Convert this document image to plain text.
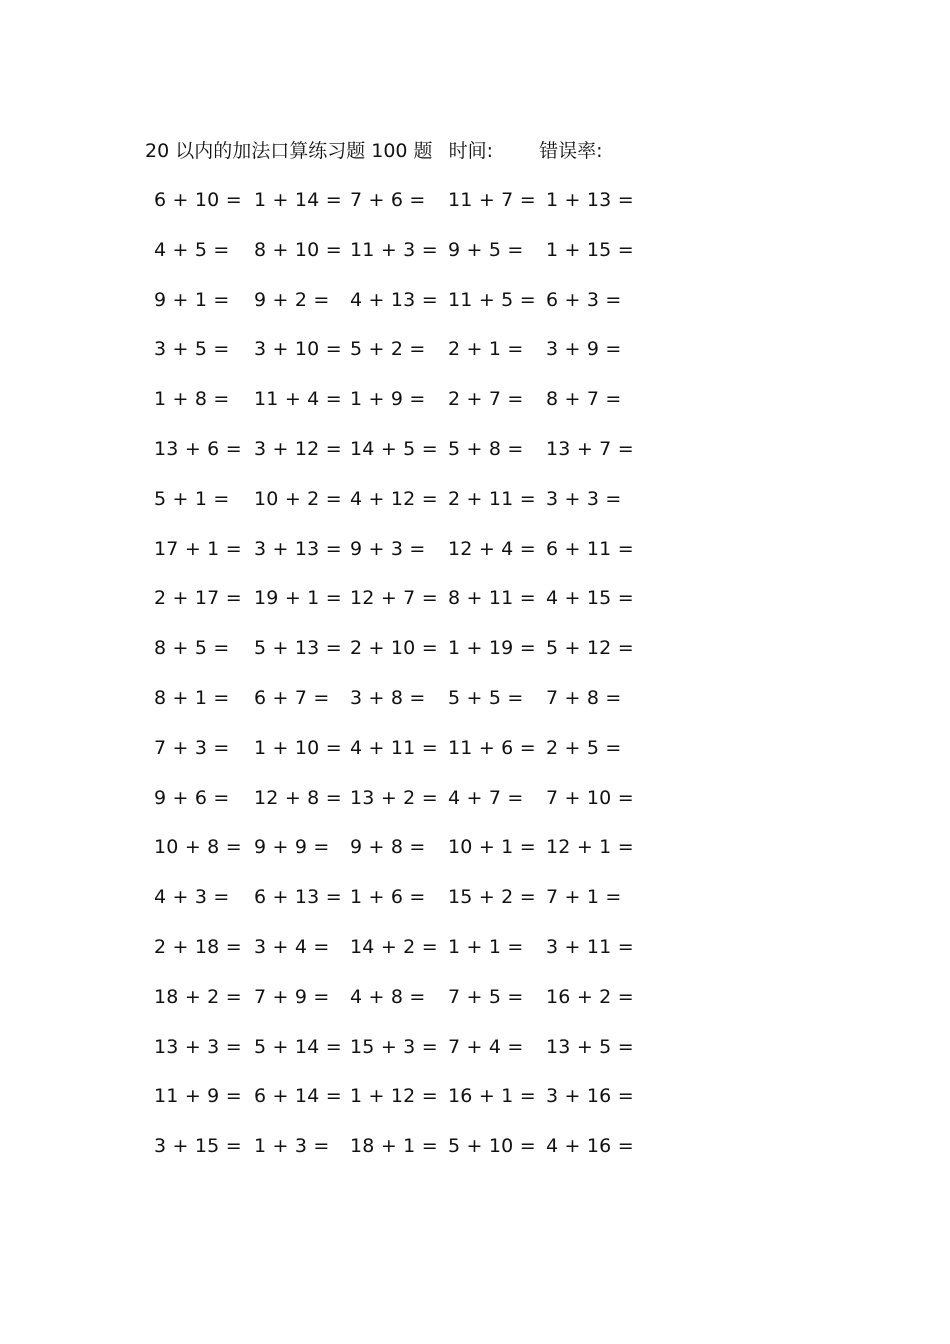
20 以内的加法口算练习题 100 题 时间: 错误率:
6 + 10 = 1 + 14 = 7 + 6 = 11 + 7 = 1 + 13 =
4 + 5 = 8 + 10 = 11 + 3 = 9 + 5 = 1 + 15 =
9 + 1 = 9 + 2 = 4 + 13 = 11 + 5 = 6 + 3 =
3 + 5 = 3 + 10 = 5 + 2 = 2 + 1 = 3 + 9 =
1 + 8 = 11 + 4 = 1 + 9 = 2 + 7 = 8 + 7 =
13 + 6 = 3 + 12 = 14 + 5 = 5 + 8 = 13 + 7 =
5 + 1 = 10 + 2 = 4 + 12 = 2 + 11 = 3 + 3 =
17 + 1 = 3 + 13 = 9 + 3 = 12 + 4 = 6 + 11 =
2 + 17 = 19 + 1 = 12 + 7 = 8 + 11 = 4 + 15 =
8 + 5 = 5 + 13 = 2 + 10 = 1 + 19 = 5 + 12 =
8 + 1 = 6 + 7 = 3 + 8 = 5 + 5 = 7 + 8 =
7 + 3 = 1 + 10 = 4 + 11 = 11 + 6 = 2 + 5 =
9 + 6 = 12 + 8 = 13 + 2 = 4 + 7 = 7 + 10 =
10 + 8 = 9 + 9 = 9 + 8 = 10 + 1 = 12 + 1 =
4 + 3 = 6 + 13 = 1 + 6 = 15 + 2 = 7 + 1 =
2 + 18 = 3 + 4 = 14 + 2 = 1 + 1 = 3 + 11 =
18 + 2 = 7 + 9 = 4 + 8 = 7 + 5 = 16 + 2 =
13 + 3 = 5 + 14 = 15 + 3 = 7 + 4 = 13 + 5 =
11 + 9 = 6 + 14 = 1 + 12 = 16 + 1 = 3 + 16 =
3 + 15 = 1 + 3 = 18 + 1 = 5 + 10 = 4 + 16 =
